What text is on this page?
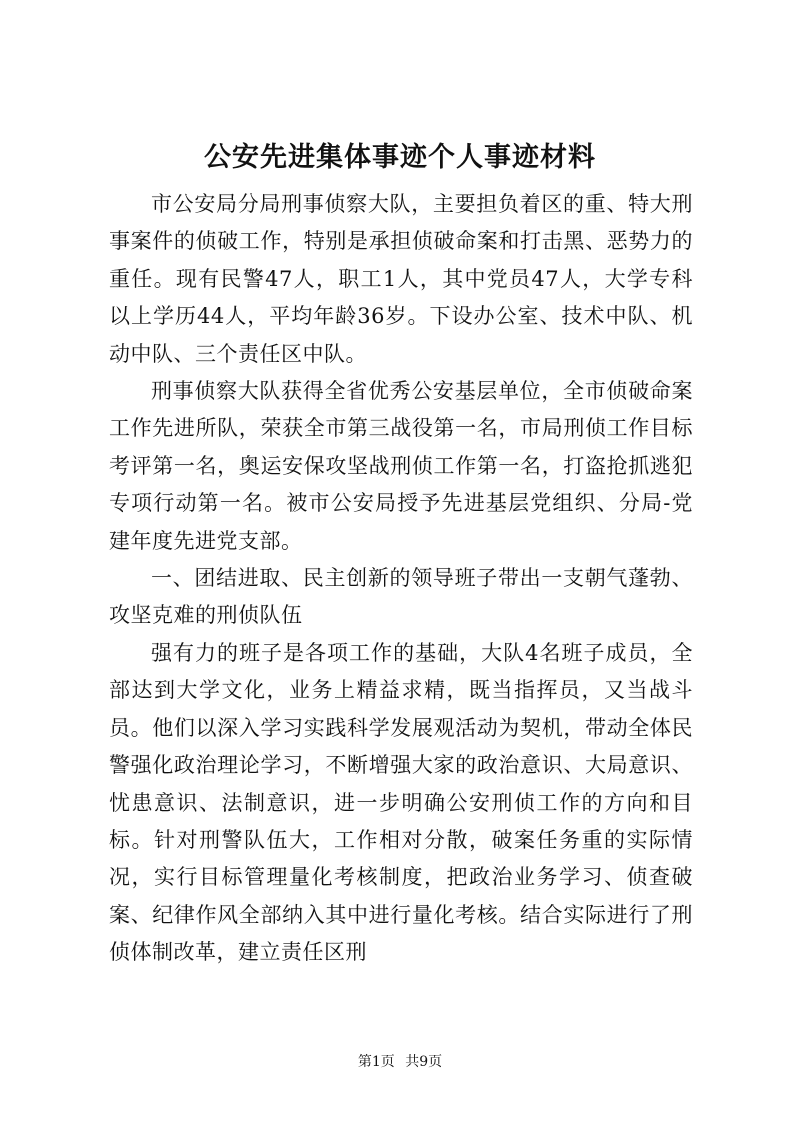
公安先进集体事迹个人事迹材料

市公安局分局刑事侦察大队，主要担负着区的重、特大刑事案件的侦破工作，特别是承担侦破命案和打击黑、恶势力的重任。现有民警47人，职工1人，其中党员47人，大学专科以上学历44人，平均年龄36岁。下设办公室、技术中队、机动中队、三个责任区中队。

刑事侦察大队获得全省优秀公安基层单位，全市侦破命案工作先进所队，荣获全市第三战役第一名，市局刑侦工作目标考评第一名，奥运安保攻坚战刑侦工作第一名，打盗抢抓逃犯专项行动第一名。被市公安局授予先进基层党组织、分局-党建年度先进党支部。

一、团结进取、民主创新的领导班子带出一支朝气蓬勃、攻坚克难的刑侦队伍

强有力的班子是各项工作的基础，大队4名班子成员，全部达到大学文化，业务上精益求精，既当指挥员，又当战斗员。他们以深入学习实践科学发展观活动为契机，带动全体民警强化政治理论学习，不断增强大家的政治意识、大局意识、忧患意识、法制意识，进一步明确公安刑侦工作的方向和目标。针对刑警队伍大，工作相对分散，破案任务重的实际情况，实行目标管理量化考核制度，把政治业务学习、侦查破案、纪律作风全部纳入其中进行量化考核。结合实际进行了刑侦体制改革，建立责任区刑

第1页 共9页
